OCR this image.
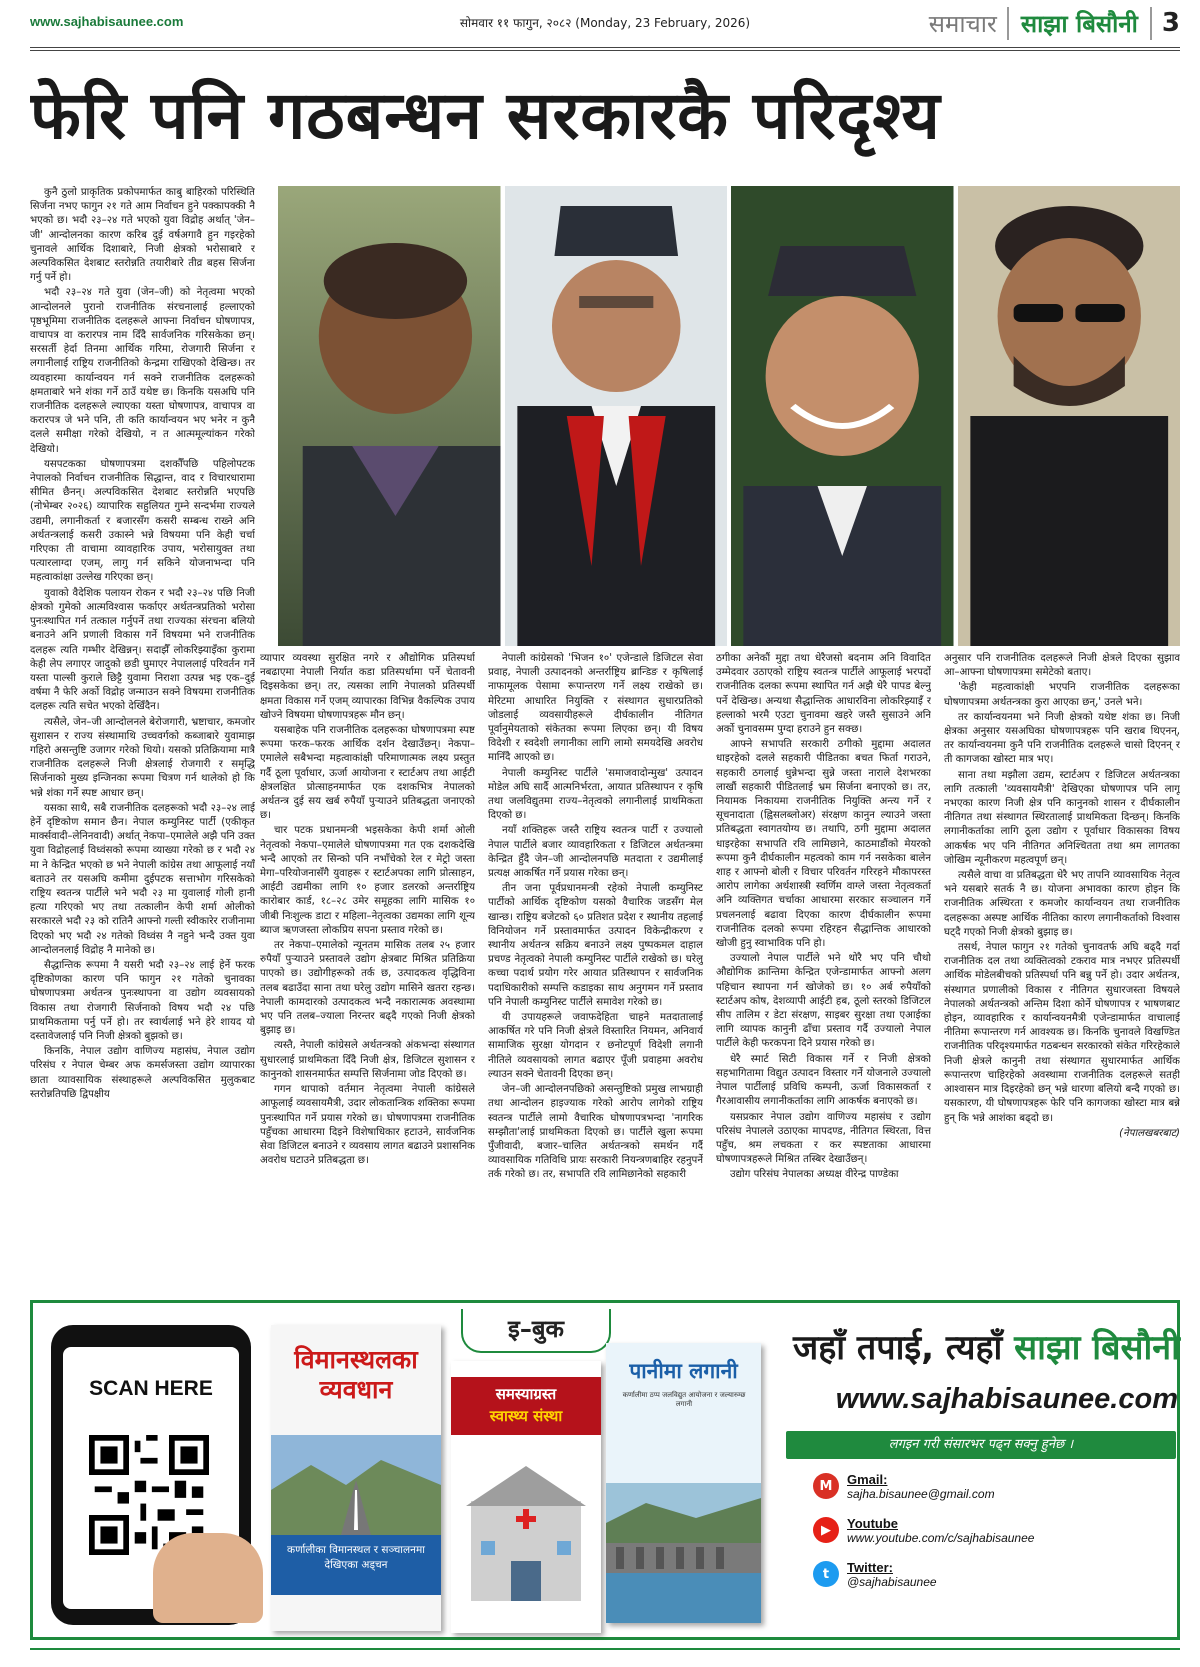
www.sajhabisaunee.com	सोमवार ११ फागुन, २०८२ (Monday, 23 February, 2026)	समाचार	साझा बिसौनी 3
फेरि पनि गठबन्धन सरकारकै परिदृश्य

कुनै ठुलो प्राकृतिक प्रकोपमार्फत काबु बाहिरको परिस्थिति सिर्जना नभए फागुन २१ गते आम निर्वाचन हुने पक्कापक्की नै भएको छ। भदौ २३–२४ गते भएको युवा विद्रोह अर्थात् 'जेन–जी' आन्दोलनका कारण करिब दुई वर्षअगावै हुन गइरहेको चुनावले आर्थिक दिशाबारे, निजी क्षेत्रको भरोसाबारे र अल्पविकसित देशबाट स्तरोन्नति तयारीबारे तीव्र बहस सिर्जना गर्नु पर्ने हो।

भदौ २३–२४ गते युवा (जेन–जी) को नेतृत्वमा भएको आन्दोलनले पुरानो राजनीतिक संरचनालाई हल्लाएको पृष्ठभूमिमा राजनीतिक दलहरूले आफ्ना निर्वाचन घोषणापत्र, वाचापत्र वा करारपत्र नाम दिँदै सार्वजनिक गरिसकेका छन्। सरसर्ती हेर्दा तिनमा आर्थिक गरिमा, रोजगारी सिर्जना र लगानीलाई राष्ट्रिय राजनीतिको केन्द्रमा राखिएको देखिन्छ। तर व्यवहारमा कार्यान्वयन गर्न सक्ने राजनीतिक दलहरूको क्षमताबारे भने शंका गर्ने ठाउँ यथेष्ट छ। किनकि यसअघि पनि राजनीतिक दलहरूले ल्याएका यस्ता घोषणापत्र, वाचापत्र वा करारपत्र जे भने पनि, ती कति कार्यान्वयन भए भनेर न कुनै दलले समीक्षा गरेको देखियो, न त आत्ममूल्यांकन गरेको देखियो।

यसपटकका घोषणापत्रमा दशकौँपछि पहिलोपटक नेपालको निर्वाचन राजनीतिक सिद्धान्त, वाद र विचारधारामा सीमित छैनन्। अल्पविकसित देशबाट स्तरोन्नति भएपछि (नोभेम्बर २०२६) व्यापारिक सहुलियत गुम्ने सन्दर्भमा राज्यले उद्यमी, लगानीकर्ता र बजारसँग कसरी सम्बन्ध राख्ने अनि अर्थतन्त्रलाई कसरी उकास्ने भन्ने विषयमा पनि केही चर्चा गरिएका ती वाचामा व्यावहारिक उपाय, भरोसायुक्त तथा पत्यारलाग्दा एजम्, लागु गर्न सकिने योजनाभन्दा पनि महत्वाकांक्षा उल्लेख गरिएका छन्।

युवाको वैदेशिक पलायन रोकन र भदौ २३–२४ पछि निजी क्षेत्रको गुमेको आत्मविश्वास फर्काएर अर्थतन्त्रप्रतिको भरोसा पुनःस्थापित गर्न तत्काल गर्नुपर्ने तथा राज्यका संरचना बलियो बनाउने अनि प्रणाली विकास गर्ने विषयमा भने राजनीतिक दलहरू त्यति गम्भीर देखिन्नन्। सदाझैँ लोकरिझ्याइँका कुरामा केही लेप लगाएर जादुको छडी घुमाएर नेपाललाई परिवर्तन गर्ने यस्ता पाल्सी कुराले छिट्टै युवामा निराशा उत्पन्न भइ एक–दुई वर्षमा नै फेरि अर्को विद्रोह जन्माउन सक्ने विषयमा राजनीतिक दलहरू त्यति सचेत भएको देखिँदैन।

त्यसैले, जेन–जी आन्दोलनले बेरोजगारी, भ्रष्टाचार, कमजोर सुशासन र राज्य संस्थामाथि उच्चवर्गको कब्जाबारे युवामाझ गहिरो असन्तुष्टि उजागर गरेको थियो। यसको प्रतिक्रियामा मात्रै राजनीतिक दलहरूले निजी क्षेत्रलाई रोजगारी र समृद्धि सिर्जनाको मुख्य इन्जिनका रूपमा चित्रण गर्न थालेको हो कि भन्ने शंका गर्ने स्पष्ट आधार छन्।

यसका साथै, सबै राजनीतिक दलहरूको भदौ २३–२४ लाई हेर्ने दृष्टिकोण समान छैन। नेपाल कम्युनिस्ट पार्टी (एकीकृत मार्क्सवादी–लेनिनवादी) अर्थात् नेकपा–एमालेले अझै पनि उक्त युवा विद्रोहलाई विध्वंसको रूपमा व्याख्या गरेको छ र भदौ २४ मा ने केन्द्रित भएको छ भने नेपाली कांग्रेस तथा आफूलाई नयाँ बताउने तर यसअघि कमीमा दुईपटक सत्ताभोग गरिसकेको राष्ट्रिय स्वतन्त्र पार्टीले भने भदौ २३ मा युवालाई गोली हानी हत्या गरिएको भए तथा तत्कालीन केपी शर्मा ओलीको सरकारले भदौ २३ को रातिनै आफ्नो गल्ती स्वीकारेर राजीनामा दिएको भए भदौ २४ गतेको विध्वंस नै नहुने भन्दै उक्त युवा आन्दोलनलाई विद्रोह नै मानेको छ।

सैद्धान्तिक रूपमा नै यसरी भदौ २३–२४ लाई हेर्ने फरक दृष्टिकोणका कारण पनि फागुन २१ गतेको चुनावका घोषणापत्रमा अर्थतन्त्र पुनःस्थापना वा उद्योग व्यवसायको विकास तथा रोजगारी सिर्जनाको विषय भदौ २४ पछि प्राथमिकतामा पर्नु पर्ने हो। तर स्वार्थलाई भने हेरे शायद यो दस्तावेजलाई पनि निजी क्षेत्रको बुझको छ।

किनकि, नेपाल उद्योग वाणिज्य महासंघ, नेपाल उद्योग परिसंघ र नेपाल चेम्बर अफ कमर्सजस्ता उद्योग व्यापारका छाता व्यावसायिक संस्थाहरूले अल्पविकसित मुलुकबाट स्तरोन्नतिपछि द्विपक्षीय

व्यापार व्यवस्था सुरक्षित नगरे र औद्योगिक प्रतिस्पर्धा नबढाएमा नेपाली निर्यात कडा प्रतिस्पर्धामा पर्ने चेतावनी दिइसकेका छन्। तर, त्यसका लागि नेपालको प्रतिस्पर्धी क्षमता विकास गर्ने एजम् व्यापारका विभिन्न वैकल्पिक उपाय खोज्ने विषयमा घोषणापत्रहरू मौन छन्।

यसबाहेक पनि राजनीतिक दलहरूका घोषणापत्रमा स्पष्ट रूपमा फरक–फरक आर्थिक दर्शन देखाउँछन्। नेकपा–एमालेले सबैभन्दा महत्वाकांक्षी परिमाणात्मक लक्ष्य प्रस्तुत गर्दै ठूला पूर्वाधार, ऊर्जा आयोजना र स्टार्टअप तथा आईटी क्षेत्रलक्षित प्रोत्साहनमार्फत एक दशकभित्र नेपालको अर्थतन्त्र दुई सय खर्ब रुपैयाँ पुऱ्याउने प्रतिबद्धता जनाएको छ।

चार पटक प्रधानमन्त्री भइसकेका केपी शर्मा ओली नेतृत्वको नेकपा–एमालेले घोषणापत्रमा गत एक दशकदेखि भन्दै आएको तर सिन्को पनि नभाँचेको रेल र मेट्रो जस्ता मेगा–परियोजनासँगै युवाहरू र स्टार्टअपका लागि प्रोत्साहन, आईटी उद्यमीका लागि १० हजार डलरको अन्तर्राष्ट्रिय कारोबार कार्ड, १८–२८ उमेर समूहका लागि मासिक १० जीबी निःशुल्क डाटा र महिला–नेतृत्वका उद्यमका लागि शून्य ब्याज ऋणजस्ता लोकप्रिय सपना प्रस्ताव गरेको छ।

तर नेकपा–एमालेको न्यूनतम मासिक तलब २५ हजार रुपैयाँ पुऱ्याउने प्रस्तावले उद्योग क्षेत्रबाट मिश्रित प्रतिक्रिया पाएको छ। उद्योगीहरूको तर्क छ, उत्पादकत्व वृद्धिविना तलब बढाउँदा साना तथा घरेलु उद्योग मासिने खतरा रहन्छ। नेपाली कामदारको उत्पादकत्व भन्दै नकारात्मक अवस्थामा भए पनि तलब–ज्याला निरन्तर बढ्दै गएको निजी क्षेत्रको बुझाइ छ।

त्यस्तै, नेपाली कांग्रेसले अर्थतन्त्रको अंकभन्दा संस्थागत सुधारलाई प्राथमिकता दिँदै निजी क्षेत्र, डिजिटल सुशासन र कानुनको शासनमार्फत सम्पत्ति सिर्जनामा जोड दिएको छ।

गगन थापाको वर्तमान नेतृत्वमा नेपाली कांग्रेसले आफूलाई व्यवसायमैत्री, उदार लोकतान्त्रिक शक्तिका रूपमा पुनःस्थापित गर्ने प्रयास गरेको छ। घोषणापत्रमा राजनीतिक पहुँचका आधारमा दिइने विशेषाधिकार हटाउने, सार्वजनिक सेवा डिजिटल बनाउने र व्यवसाय लागत बढाउने प्रशासनिक अवरोध घटाउने प्रतिबद्धता छ।

नेपाली कांग्रेसको 'भिजन १०' एजेन्डाले डिजिटल सेवा प्रवाह, नेपाली उत्पादनको अन्तर्राष्ट्रिय ब्रान्डिङ र कृषिलाई नाफामूलक पेसामा रूपान्तरण गर्ने लक्ष्य राखेको छ। मेरिटमा आधारित नियुक्ति र संस्थागत सुधारप्रतिको जोडलाई व्यवसायीहरूले दीर्घकालीन नीतिगत पूर्वानुमेयताको संकेतका रूपमा लिएका छन्। यी विषय विदेशी र स्वदेशी लगानीका लागि लामो समयदेखि अवरोध मानिँदै आएको छ।

नेपाली कम्युनिस्ट पार्टीले 'समाजवादोन्मुख' उत्पादन मोडेल अघि सार्दै आत्मनिर्भरता, आयात प्रतिस्थापन र कृषि तथा जलविद्युतमा राज्य–नेतृत्वको लगानीलाई प्राथमिकता दिएको छ।

नयाँ शक्तिहरू जस्तै राष्ट्रिय स्वतन्त्र पार्टी र उज्यालो नेपाल पार्टीले बजार व्यावहारिकता र डिजिटल अर्थतन्त्रमा केन्द्रित हुँदै जेन–जी आन्दोलनपछि मतदाता र उद्यमीलाई प्रत्यक्ष आकर्षित गर्ने प्रयास गरेका छन्।

तीन जना पूर्वप्रधानमन्त्री रहेको नेपाली कम्युनिस्ट पार्टीको आर्थिक दृष्टिकोण यसको वैचारिक जडसँग मेल खान्छ। राष्ट्रिय बजेटको ६० प्रतिशत प्रदेश र स्थानीय तहलाई विनियोजन गर्ने प्रस्तावमार्फत उत्पादन विकेन्द्रीकरण र स्थानीय अर्थतन्त्र सक्रिय बनाउने लक्ष्य पुष्पकमल दाहाल प्रचण्ड नेतृत्वको नेपाली कम्युनिस्ट पार्टीले राखेको छ। घरेलु कच्चा पदार्थ प्रयोग गरेर आयात प्रतिस्थापन र सार्वजनिक पदाधिकारीको सम्पत्ति कडाइका साथ अनुगमन गर्ने प्रस्ताव पनि नेपाली कम्युनिस्ट पार्टीले समावेश गरेको छ।

यी उपायहरूले जवाफदेहिता चाहने मतदातालाई आकर्षित गरे पनि निजी क्षेत्रले विस्तारित नियमन, अनिवार्य सामाजिक सुरक्षा योगदान र छनोटपूर्ण विदेशी लगानी नीतिले व्यवसायको लागत बढाएर पूँजी प्रवाहमा अवरोध ल्याउन सक्ने चेतावनी दिएका छन्।

जेन–जी आन्दोलनपछिको असन्तुष्टिको प्रमुख लाभग्राही तथा आन्दोलन हाइज्याक गरेको आरोप लागेको राष्ट्रिय स्वतन्त्र पार्टीले लामो वैचारिक घोषणापत्रभन्दा 'नागरिक सम्झौता'लाई प्राथमिकता दिएको छ। पार्टीले खुला रूपमा पुँजीवादी, बजार–चालित अर्थतन्त्रको समर्थन गर्दै व्यावसायिक गतिविधि प्रायः सरकारी नियन्त्रणबाहिर रहनुपर्ने तर्क गरेको छ। तर, सभापति रवि लामिछानेको सहकारी

ठगीका अनेकौं मुद्दा तथा धेरैजसो बदनाम अनि विवादित उम्मेदवार उठाएको राष्ट्रिय स्वतन्त्र पार्टीले आफूलाई भरपर्दो राजनीतिक दलका रूपमा स्थापित गर्न अझै धेरै पापड बेल्नु पर्ने देखिन्छ। अन्यथा सैद्धान्तिक आधारविना लोकरिझ्याइँ र हल्लाको भरमै एउटा चुनावमा खहरे जस्तै सुसाउने अनि अर्को चुनावसम्म पुग्दा हराउने हुन सक्छ।

आफ्ने सभापति सरकारी ठगीको मुद्दामा अदालत धाइरहेको दलले सहकारी पीडितका बचत फिर्ता गराउने, सहकारी ठगलाई धुन्नेभन्दा सुन्ने जस्ता नाराले देशभरका लाखौं सहकारी पीडितलाई भ्रम सिर्जना बनाएको छ। तर, नियामक निकायमा राजनीतिक नियुक्ति अन्त्य गर्ने र सूचनादाता (ह्विसलब्लोअर) संरक्षण कानुन ल्याउने जस्ता प्रतिबद्धता स्वागतयोग्य छ। तथापि, ठगी मुद्दामा अदालत धाइरहेका सभापति रवि लामिछाने, काठमाडौंको मेयरको रूपमा कुनै दीर्घकालीन महत्वको काम गर्न नसकेका बालेन शाह र आफ्नो बोली र विचार परिवर्तन गरिरहने मौकापरस्त आरोप लागेका अर्थशास्त्री स्वर्णिम वाग्ले जस्ता नेतृत्वकर्ता अनि व्यक्तिगत चर्चाका आधारमा सरकार सञ्चालन गर्ने प्रचलनलाई बढावा दिएका कारण दीर्घकालीन रूपमा राजनीतिक दलको रूपमा रहिरहन सैद्धान्तिक आधारको खोजी हुनु स्वाभाविक पनि हो।

उज्यालो नेपाल पार्टीले भने थोरै भए पनि चौथो औद्योगिक क्रान्तिमा केन्द्रित एजेन्डामार्फत आफ्नो अलग पहिचान स्थापना गर्न खोजेको छ। १० अर्ब रुपैयाँको स्टार्टअप कोष, देशव्यापी आईटी हब, ठूलो स्तरको डिजिटल सीप तालिम र डेटा संरक्षण, साइबर सुरक्षा तथा एआईका लागि व्यापक कानुनी ढाँचा प्रस्ताव गर्दै उज्यालो नेपाल पार्टीले केही फरकपना दिने प्रयास गरेको छ।

धेरै स्मार्ट सिटी विकास गर्ने र निजी क्षेत्रको सहभागितामा विद्युत उत्पादन विस्तार गर्ने योजनाले उज्यालो नेपाल पार्टीलाई प्रविधि कम्पनी, ऊर्जा विकासकर्ता र गैरआवासीय लगानीकर्ताका लागि आकर्षक बनाएको छ।

यसप्रकार नेपाल उद्योग वाणिज्य महासंघ र उद्योग परिसंघ नेपालले उठाएका मापदण्ड, नीतिगत स्थिरता, वित्त पहुँच, श्रम लचकता र कर स्पष्टताका आधारमा घोषणापत्रहरूले मिश्रित तस्बिर देखाउँछन्।

उद्योग परिसंघ नेपालका अध्यक्ष वीरेन्द्र पाण्डेका

अनुसार पनि राजनीतिक दलहरूले निजी क्षेत्रले दिएका सुझाव आ–आफ्ना घोषणापत्रमा समेटेको बताए।

'केही महत्वाकांक्षी भएपनि राजनीतिक दलहरूका घोषणापत्रमा अर्थतन्त्रका कुरा आएका छन्,' उनले भने।

तर कार्यान्वयनमा भने निजी क्षेत्रको यथेष्ट शंका छ। निजी क्षेत्रका अनुसार यसअघिका घोषणापत्रहरू पनि खराब थिएनन्, तर कार्यान्वयनमा कुनै पनि राजनीतिक दलहरूले चासो दिएनन् र ती कागजका खोस्टा मात्र भए।

साना तथा मझौला उद्यम, स्टार्टअप र डिजिटल अर्थतन्त्रका लागि तत्काली 'व्यवसायमैत्री' देखिएका घोषणापत्र पनि लागू नभएका कारण निजी क्षेत्र पनि कानुनको शासन र दीर्घकालीन नीतिगत तथा संस्थागत स्थिरतालाई प्राथमिकता दिन्छन्। किनकि लगानीकर्ताका लागि ठूला उद्योग र पूर्वाधार विकासका विषय आकर्षक भए पनि नीतिगत अनिश्चितता तथा श्रम लागतका जोखिम न्यूनीकरण महत्वपूर्ण छन्।

त्यसैले वाचा वा प्रतिबद्धता धेरै भए तापनि व्यावसायिक नेतृत्व भने यसबारे सतर्क नै छ। योजना अभावका कारण होइन कि राजनीतिक अस्थिरता र कमजोर कार्यान्वयन तथा राजनीतिक दलहरूका अस्पष्ट आर्थिक नीतिका कारण लगानीकर्ताको विश्वास घट्दै गएको निजी क्षेत्रको बुझाइ छ।

तसर्थ, नेपाल फागुन २१ गतेको चुनावतर्फ अघि बढ्दै गर्दा राजनीतिक दल तथा व्यक्तित्वको टकराव मात्र नभएर प्रतिस्पर्धी आर्थिक मोडेलबीचको प्रतिस्पर्धा पनि बन्नु पर्ने हो। उदार अर्थतन्त्र, संस्थागत प्रणालीको विकास र नीतिगत सुधारजस्ता विषयले नेपालको अर्थतन्त्रको अन्तिम दिशा कोर्ने घोषणापत्र र भाषणबाट होइन, व्यावहारिक र कार्यान्वयनमैत्री एजेन्डामार्फत वाचालाई नीतिमा रूपान्तरण गर्न आवश्यक छ। किनकि चुनावले विखण्डित राजनीतिक परिदृश्यमार्फत गठबन्धन सरकारको संकेत गरिरहेकाले निजी क्षेत्रले कानुनी तथा संस्थागत सुधारमार्फत आर्थिक रूपान्तरण चाहिरहेको अवस्थामा राजनीतिक दलहरूले सतही आश्वासन मात्र दिइरहेको छन् भन्ने धारणा बलियो बन्दै गएको छ। यसकारण, यी घोषणापत्रहरू फेरि पनि कागजका खोस्टा मात्र बन्ने हुन् कि भन्ने आशंका बढ्दो छ।

(नेपालखबरबाट)

SCAN HERE
इ–बुक
विमानस्थलका व्यवधान
कर्णालीका विमानस्थल र सञ्चालनमा देखिएका अड्चन
समस्याग्रस्त
स्वास्थ्य संस्था
पानीमा लगानी
कर्णालीमा ठप्प जलविद्युत आयोजना र जल्यारुम्छ लगानी
जहाँ तपाई, त्यहाँ साझा बिसौनी
www.sajhabisaunee.com
लगइन गरी संसारभर पढ्न सक्नु हुनेछ ।
M	Gmail:
sajha.bisaunee@gmail.com
▶	Youtube
www.youtube.com/c/sajhabisaunee
t	Twitter:
@sajhabisaunee
